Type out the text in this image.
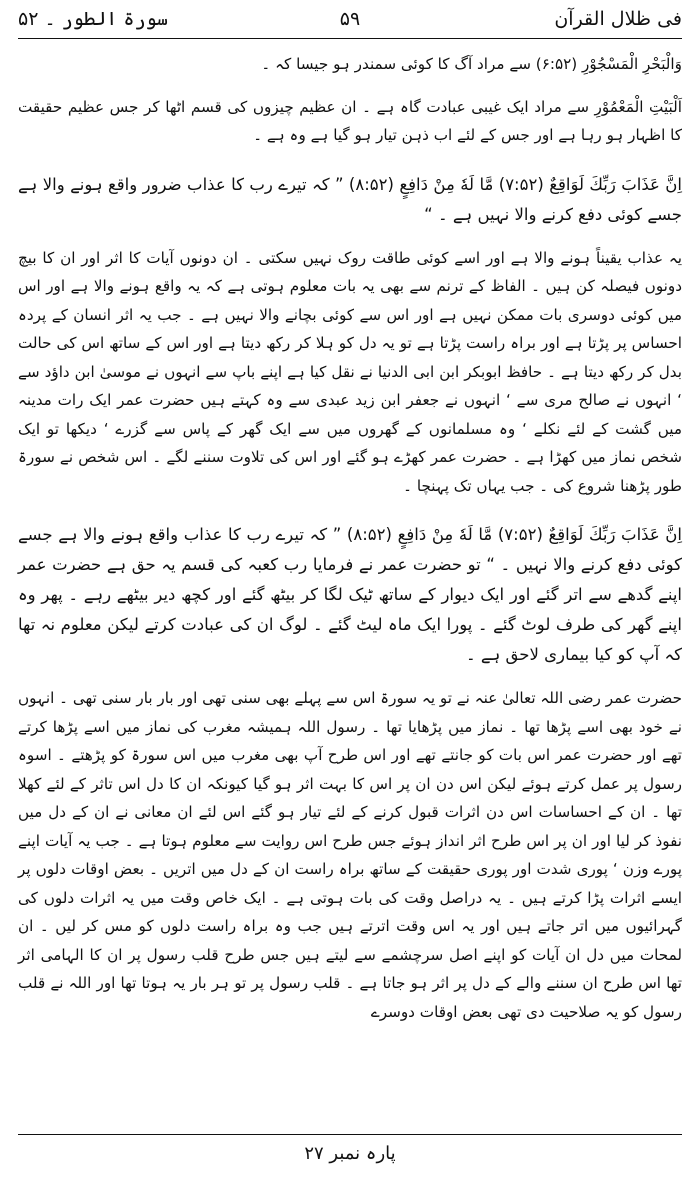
سورۃ الطور ۔ ۵۲	۵۹	فی ظلال القرآن

وَالْبَحْرِ الْمَسْجُوْرِ (۶:۵۲) سے مراد آگ کا کوئی سمندر ہو جیسا کہ ۔

اَلْبَیْتِ الْمَعْمُوْرِ سے مراد ایک غیبی عبادت گاہ ہے ۔ ان عظیم چیزوں کی قسم اٹھا کر جس عظیم حقیقت کا اظہار ہو رہا ہے اور جس کے لئے اب ذہن تیار ہو گیا ہے وہ ہے ۔

اِنَّ عَذَابَ رَبِّكَ لَوَاقِعٌ (۷:۵۲) مَّا لَهٗ مِنْ دَافِعٍ (۸:۵۲) ” کہ تیرے رب کا عذاب ضرور واقع ہونے والا ہے جسے کوئی دفع کرنے والا نہیں ہے ۔ “

یہ عذاب یقیناً ہونے والا ہے اور اسے کوئی طاقت روک نہیں سکتی ۔ ان دونوں آیات کا اثر اور ان کا بیچ دونوں فیصلہ کن ہیں ۔ الفاظ کے ترنم سے بھی یہ بات معلوم ہوتی ہے کہ یہ واقع ہونے والا ہے اور اس میں کوئی دوسری بات ممکن نہیں ہے اور اس سے کوئی بچانے والا نہیں ہے ۔ جب یہ اثر انسان کے پردہ احساس پر پڑتا ہے اور براہ راست پڑتا ہے تو یہ دل کو ہلا کر رکھ دیتا ہے اور اس کے ساتھ اس کی حالت بدل کر رکھ دیتا ہے ۔ حافظ ابوبکر ابن ابی الدنیا نے نقل کیا ہے اپنے باپ سے انہوں نے موسیٰ ابن داؤد سے ‘ انہوں نے صالح مری سے ‘ انہوں نے جعفر ابن زید عبدی سے وہ کہتے ہیں حضرت عمر ایک رات مدینہ میں گشت کے لئے نکلے ‘ وہ مسلمانوں کے گھروں میں سے ایک گھر کے پاس سے گزرے ‘ دیکھا تو ایک شخص نماز میں کھڑا ہے ۔ حضرت عمر کھڑے ہو گئے اور اس کی تلاوت سننے لگے ۔ اس شخص نے سورۃ طور پڑھنا شروع کی ۔ جب یہاں تک پہنچا ۔

اِنَّ عَذَابَ رَبِّكَ لَوَاقِعٌ (۷:۵۲) مَّا لَهٗ مِنْ دَافِعٍ (۸:۵۲) ” کہ تیرے رب کا عذاب واقع ہونے والا ہے جسے کوئی دفع کرنے والا نہیں ۔ “ تو حضرت عمر نے فرمایا رب کعبہ کی قسم یہ حق ہے حضرت عمر اپنے گدھے سے اتر گئے اور ایک دیوار کے ساتھ ٹیک لگا کر بیٹھ گئے اور کچھ دیر بیٹھے رہے ۔ پھر وہ اپنے گھر کی طرف لوٹ گئے ۔ پورا ایک ماہ لیٹ گئے ۔ لوگ ان کی عبادت کرتے لیکن معلوم نہ تھا کہ آپ کو کیا بیماری لاحق ہے ۔

حضرت عمر رضی اللہ تعالیٰ عنہ نے تو یہ سورۃ اس سے پہلے بھی سنی تھی اور بار بار سنی تھی ۔ انہوں نے خود بھی اسے پڑھا تھا ۔ نماز میں پڑھایا تھا ۔ رسول اللہ ہمیشہ مغرب کی نماز میں اسے پڑھا کرتے تھے اور حضرت عمر اس بات کو جانتے تھے اور اس طرح آپ بھی مغرب میں اس سورۃ کو پڑھتے ۔ اسوہ رسول پر عمل کرتے ہوئے لیکن اس دن ان پر اس کا بہت اثر ہو گیا کیونکہ ان کا دل اس تاثر کے لئے کھلا تھا ۔ ان کے احساسات اس دن اثرات قبول کرنے کے لئے تیار ہو گئے اس لئے ان معانی نے ان کے دل میں نفوذ کر لیا اور ان پر اس طرح اثر انداز ہوئے جس طرح اس روایت سے معلوم ہوتا ہے ۔ جب یہ آیات اپنے پورے وزن ‘ پوری شدت اور پوری حقیقت کے ساتھ براہ راست ان کے دل میں اتریں ۔ بعض اوقات دلوں پر ایسے اثرات پڑا کرتے ہیں ۔ یہ دراصل وقت کی بات ہوتی ہے ۔ ایک خاص وقت میں یہ اثرات دلوں کی گہرائیوں میں اتر جاتے ہیں اور یہ اس وقت اترتے ہیں جب وہ براہ راست دلوں کو مس کر لیں ۔ ان لمحات میں دل ان آیات کو اپنے اصل سرچشمے سے لیتے ہیں جس طرح قلب رسول پر ان کا الہامی اثر تھا اس طرح ان سننے والے کے دل پر اثر ہو جاتا ہے ۔ قلب رسول پر تو ہر بار یہ ہوتا تھا اور اللہ نے قلب رسول کو یہ صلاحیت دی تھی بعض اوقات دوسرے

پارہ نمبر ۲۷
